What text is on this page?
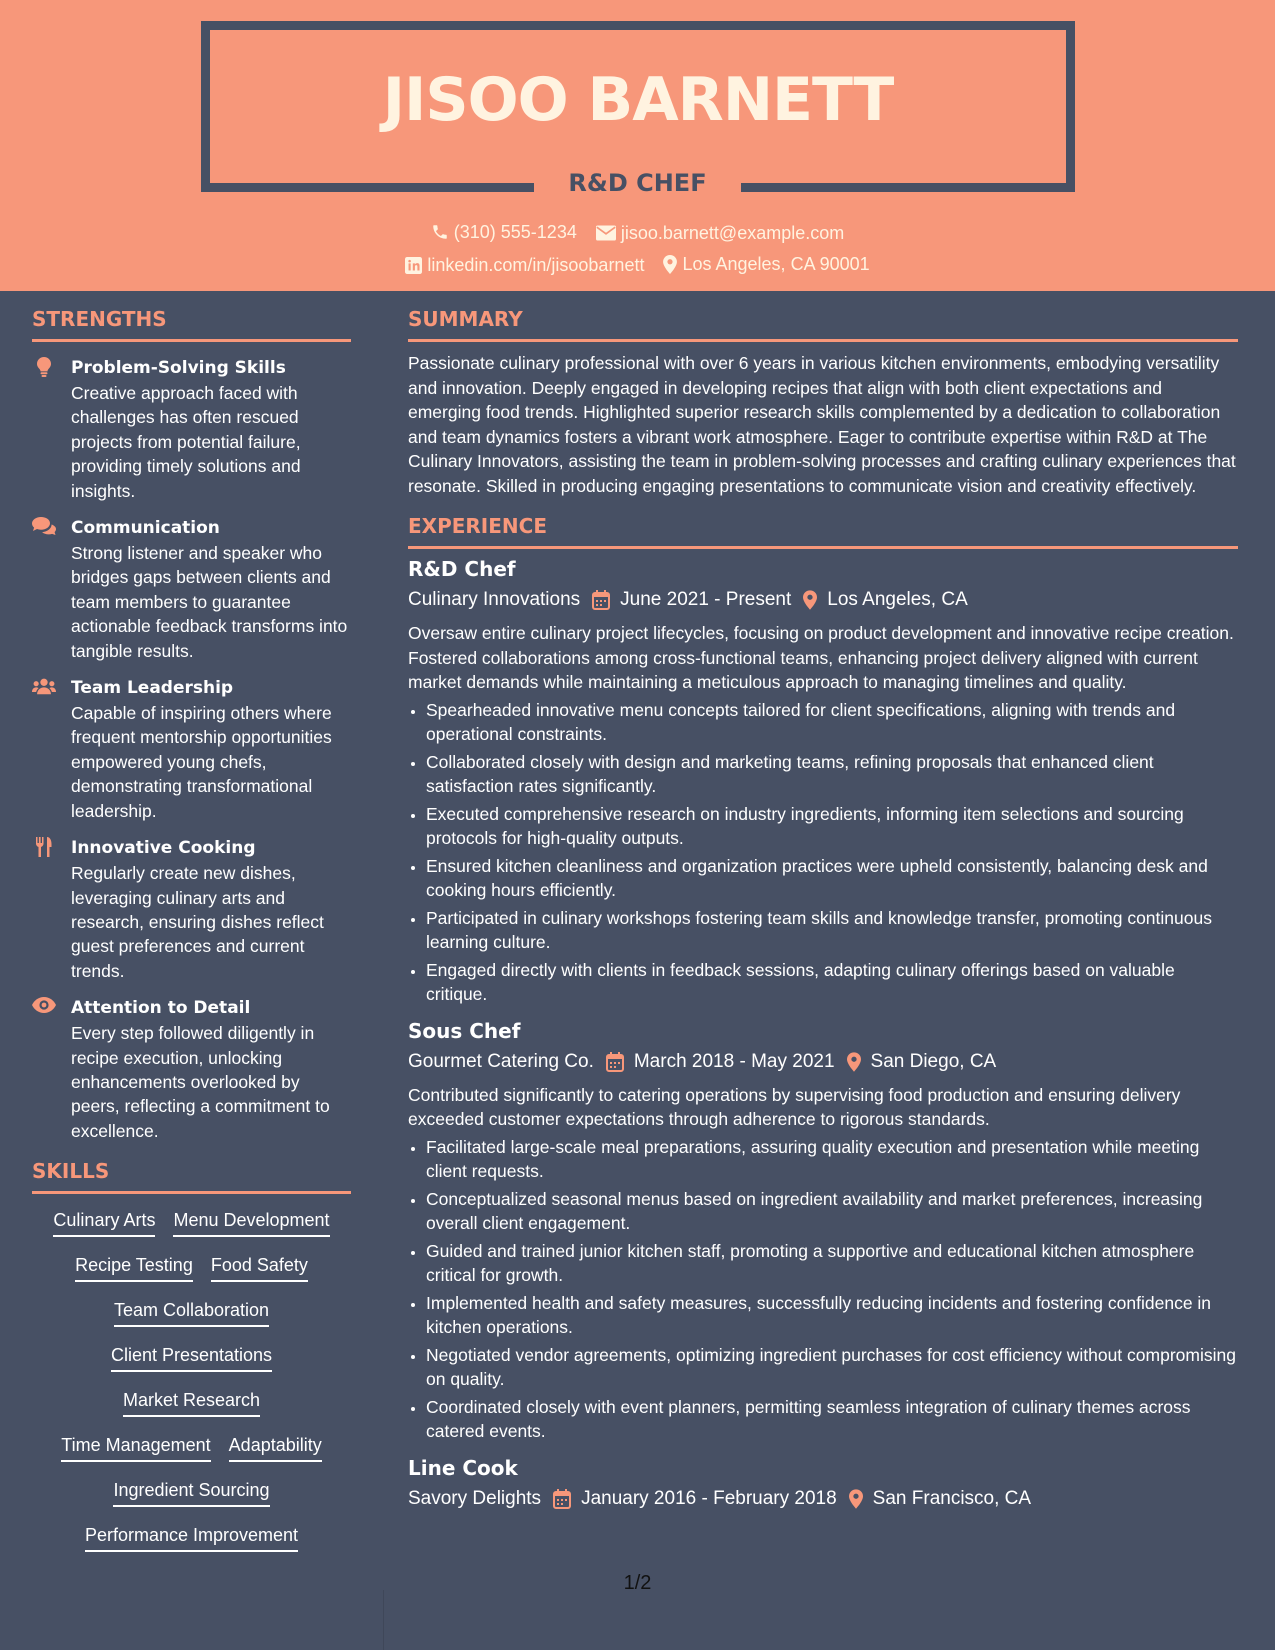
JISOO BARNETT
R&D CHEF
(310) 555-1234
jisoo.barnett@example.com
linkedin.com/in/jisoobarnett
Los Angeles, CA 90001
STRENGTHS
Problem-Solving Skills
Creative approach faced with challenges has often rescued projects from potential failure, providing timely solutions and insights.
Communication
Strong listener and speaker who bridges gaps between clients and team members to guarantee actionable feedback transforms into tangible results.
Team Leadership
Capable of inspiring others where frequent mentorship opportunities empowered young chefs, demonstrating transformational leadership.
Innovative Cooking
Regularly create new dishes, leveraging culinary arts and research, ensuring dishes reflect guest preferences and current trends.
Attention to Detail
Every step followed diligently in recipe execution, unlocking enhancements overlooked by peers, reflecting a commitment to excellence.
SKILLS
Culinary Arts Menu Development
Recipe Testing Food Safety
Team Collaboration
Client Presentations
Market Research
Time Management Adaptability
Ingredient Sourcing
Performance Improvement
SUMMARY
Passionate culinary professional with over 6 years in various kitchen environments, embodying versatility and innovation. Deeply engaged in developing recipes that align with both client expectations and emerging food trends. Highlighted superior research skills complemented by a dedication to collaboration and team dynamics fosters a vibrant work atmosphere. Eager to contribute expertise within R&D at The Culinary Innovators, assisting the team in problem-solving processes and crafting culinary experiences that resonate. Skilled in producing engaging presentations to communicate vision and creativity effectively.
EXPERIENCE
R&D Chef
Culinary Innovations June 2021 - Present Los Angeles, CA
Oversaw entire culinary project lifecycles, focusing on product development and innovative recipe creation. Fostered collaborations among cross-functional teams, enhancing project delivery aligned with current market demands while maintaining a meticulous approach to managing timelines and quality.
• Spearheaded innovative menu concepts tailored for client specifications, aligning with trends and operational constraints.
• Collaborated closely with design and marketing teams, refining proposals that enhanced client satisfaction rates significantly.
• Executed comprehensive research on industry ingredients, informing item selections and sourcing protocols for high-quality outputs.
• Ensured kitchen cleanliness and organization practices were upheld consistently, balancing desk and cooking hours efficiently.
• Participated in culinary workshops fostering team skills and knowledge transfer, promoting continuous learning culture.
• Engaged directly with clients in feedback sessions, adapting culinary offerings based on valuable critique.
Sous Chef
Gourmet Catering Co. March 2018 - May 2021 San Diego, CA
Contributed significantly to catering operations by supervising food production and ensuring delivery exceeded customer expectations through adherence to rigorous standards.
• Facilitated large-scale meal preparations, assuring quality execution and presentation while meeting client requests.
• Conceptualized seasonal menus based on ingredient availability and market preferences, increasing overall client engagement.
• Guided and trained junior kitchen staff, promoting a supportive and educational kitchen atmosphere critical for growth.
• Implemented health and safety measures, successfully reducing incidents and fostering confidence in kitchen operations.
• Negotiated vendor agreements, optimizing ingredient purchases for cost efficiency without compromising on quality.
• Coordinated closely with event planners, permitting seamless integration of culinary themes across catered events.
Line Cook
Savory Delights January 2016 - February 2018 San Francisco, CA
1/2
